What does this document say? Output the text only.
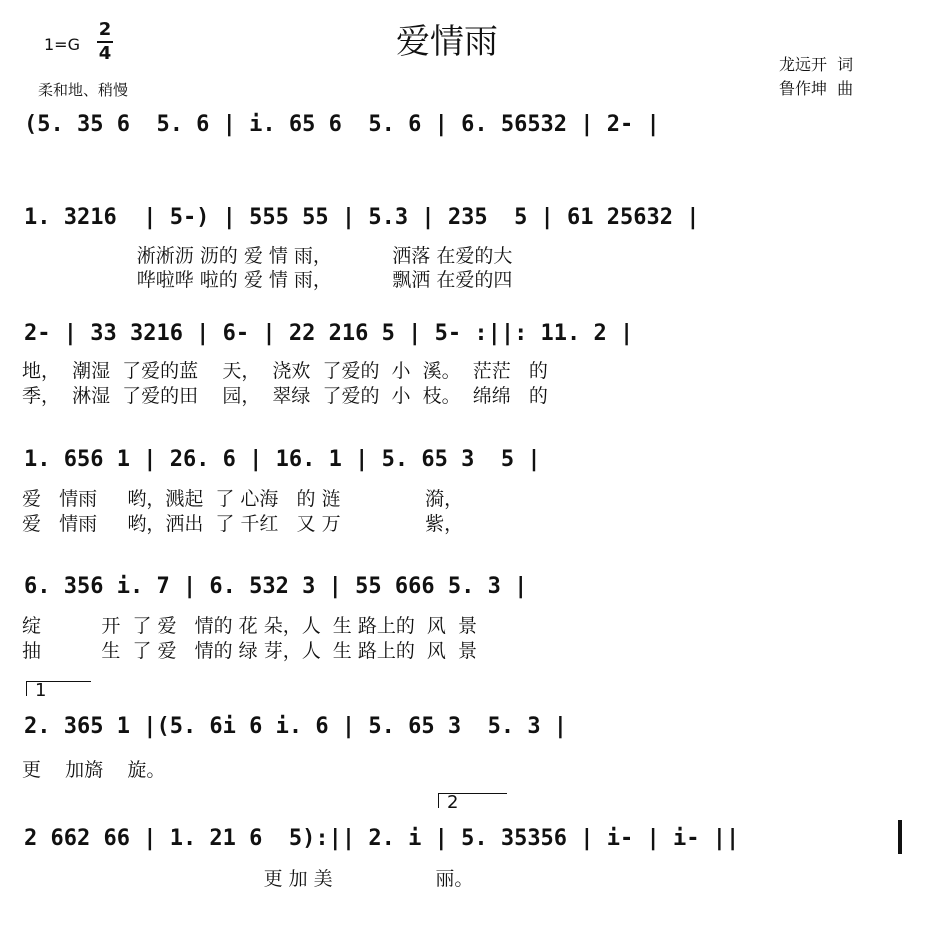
爱情雨
1=G
2
4
柔和地、稍慢
龙远开  词
鲁作坤  曲
(5. 35 6  5. 6 | i. 65 6  5. 6 | 6. 56532 | 2- |
1. 3216  | 5-) | 555 55 | 5.3 | 235  5 | 61 25632 |
淅淅沥 沥的 爱 情 雨，          洒落 在爱的大
哗啦哗 啦的 爱 情 雨，          飘洒 在爱的四
2- | 33 3216 | 6- | 22 216 5 | 5- :||: 11. 2 |
地，  潮湿  了爱的蓝    天，  浇欢  了爱的  小  溪。  茫茫   的
季，  淋湿  了爱的田    园，  翠绿  了爱的  小  枝。  绵绵   的
1. 656 1 | 26. 6 | 16. 1 | 5. 65 3  5 |
爱   情雨     哟，溅起  了 心海   的 涟              漪，
爱   情雨     哟，洒出  了 千红   又 万              紫，
6. 356 i. 7 | 6. 532 3 | 55 666 5. 3 |
绽          开  了 爱   情的 花 朵，人  生 路上的  风  景
抽          生  了 爱   情的 绿 芽，人  生 路上的  风  景
1
2. 365 1 |(5. 6i 6 i. 6 | 5. 65 3  5. 3 |
更    加旖    旋。
2
2 662 66 | 1. 21 6  5):|| 2. i | 5. 35356 | i- | i- ||
更 加 美                 丽。
